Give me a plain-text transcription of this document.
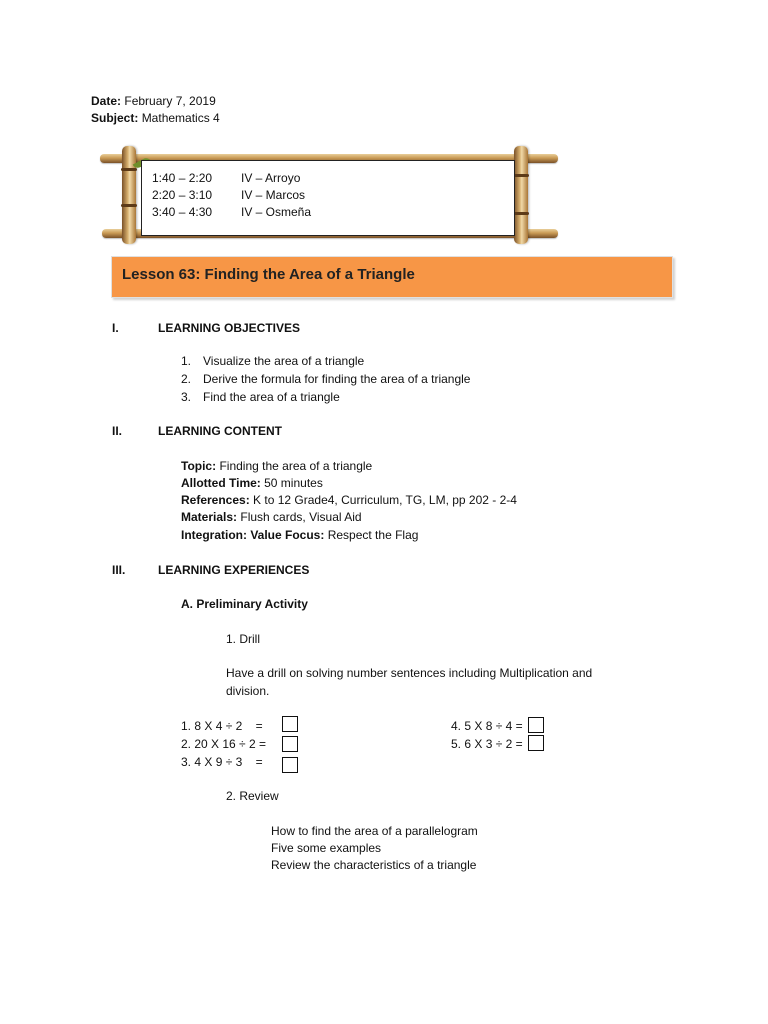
Date: February 7, 2019
Subject: Mathematics 4
1:40 – 2:20 IV – Arroyo
2:20 – 3:10 IV – Marcos
3:40 – 4:30 IV – Osmeña
Lesson 63: Finding the Area of a Triangle
I.	LEARNING OBJECTIVES
1. Visualize the area of a triangle
2. Derive the formula for finding the area of a triangle
3. Find the area of a triangle
II.	LEARNING CONTENT
Topic: Finding the area of a triangle
Allotted Time: 50 minutes
References: K to 12 Grade4, Curriculum, TG, LM, pp 202 - 2-4
Materials: Flush cards, Visual Aid
Integration: Value Focus: Respect the Flag
III.	LEARNING EXPERIENCES
A. Preliminary Activity
1. Drill
Have a drill on solving number sentences including Multiplication and
division.
1. 8 X 4 ÷ 2    =
2. 20 X 16 ÷ 2 =
3. 4 X 9 ÷ 3    =
4. 5 X 8 ÷ 4 =
5. 6 X 3 ÷ 2 =
2. Review
How to find the area of a parallelogram
Five some examples
Review the characteristics of a triangle
